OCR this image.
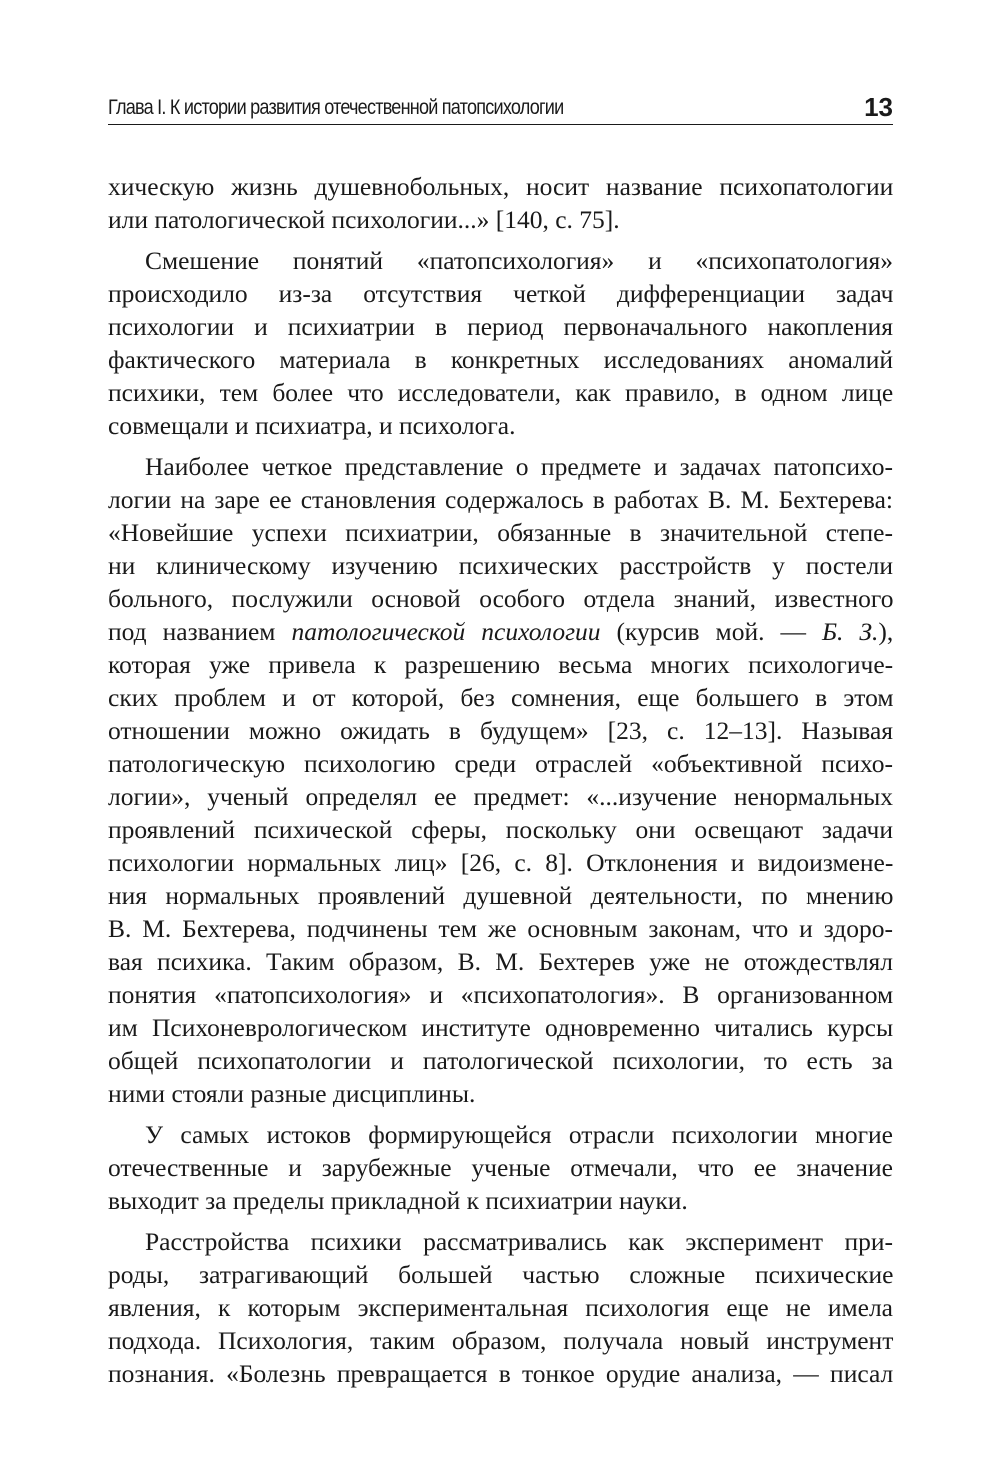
Глава I. К истории развития отечественной патопсихологии	13

хическую жизнь душевнобольных, носит название психопатологии
или патологической психологии...» [140, с. 75].

Смешение понятий «патопсихология» и «психопатология»
происходило из-за отсутствия четкой дифференциации задач
психологии и психиатрии в период первоначального накопления
фактического материала в конкретных исследованиях аномалий
психики, тем более что исследователи, как правило, в одном лице
совмещали и психиатра, и психолога.

Наиболее четкое представление о предмете и задачах патопсихо-
логии на заре ее становления содержалось в работах В. М. Бехтерева:
«Новейшие успехи психиатрии, обязанные в значительной степе-
ни клиническому изучению психических расстройств у постели
больного, послужили основой особого отдела знаний, известного
под названием патологической психологии (курсив мой. — Б. З.),
которая уже привела к разрешению весьма многих психологиче-
ских проблем и от которой, без сомнения, еще большего в этом
отношении можно ожидать в будущем» [23, с. 12–13]. Называя
патологическую психологию среди отраслей «объективной психо-
логии», ученый определял ее предмет: «...изучение ненормальных
проявлений психической сферы, поскольку они освещают задачи
психологии нормальных лиц» [26, с. 8]. Отклонения и видоизмене-
ния нормальных проявлений душевной деятельности, по мнению
В. М. Бехтерева, подчинены тем же основным законам, что и здоро-
вая психика. Таким образом, В. М. Бехтерев уже не отождествлял
понятия «патопсихология» и «психопатология». В организованном
им Психоневрологическом институте одновременно читались курсы
общей психопатологии и патологической психологии, то есть за
ними стояли разные дисциплины.

У самых истоков формирующейся отрасли психологии многие
отечественные и зарубежные ученые отмечали, что ее значение
выходит за пределы прикладной к психиатрии науки.

Расстройства психики рассматривались как эксперимент при-
роды, затрагивающий большей частью сложные психические
явления, к которым экспериментальная психология еще не имела
подхода. Психология, таким образом, получала новый инструмент
познания. «Болезнь превращается в тонкое орудие анализа, — писал
